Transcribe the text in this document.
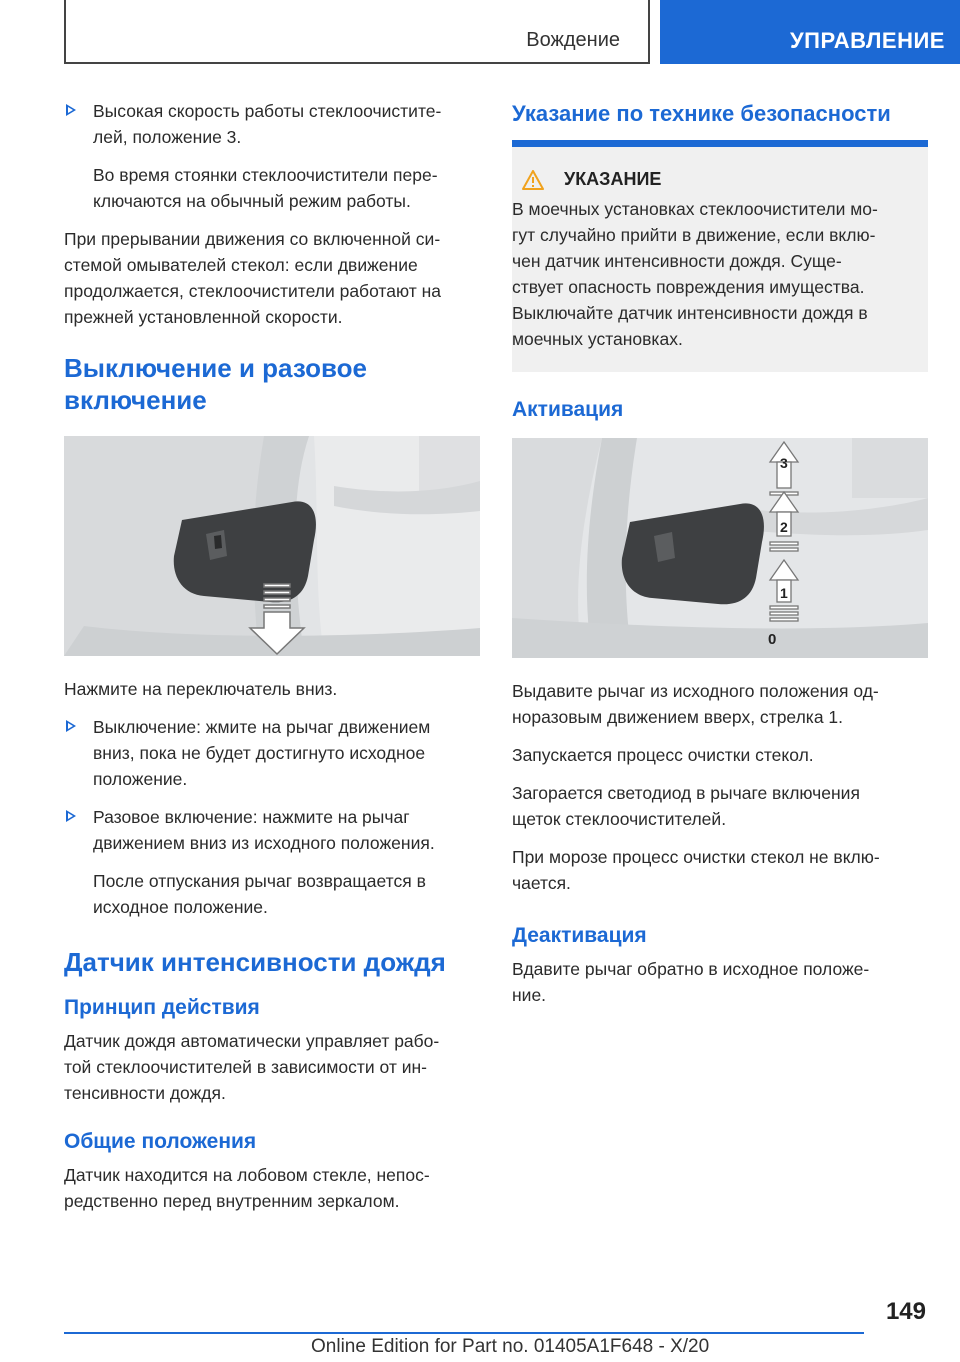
Вождение	УПРАВЛЕНИЕ

Высокая скорость работы стеклоочистите‐
лей, положение 3.

Во время стоянки стеклоочистители пере‐
ключаются на обычный режим работы.

При прерывании движения со включенной си‐
стемой омывателей стекол: если движение
продолжается, стеклоочистители работают на
прежней установленной скорости.

Выключение и разовое
включение

Нажмите на переключатель вниз.

Выключение: жмите на рычаг движением
вниз, пока не будет достигнуто исходное
положение.

Разовое включение: нажмите на рычаг
движением вниз из исходного положения.

После отпускания рычаг возвращается в
исходное положение.

Датчик интенсивности дождя
Принцип действия

Датчик дождя автоматически управляет рабо‐
той стеклоочистителей в зависимости от ин‐
тенсивности дождя.

Общие положения

Датчик находится на лобовом стекле, непос‐
редственно перед внутренним зеркалом.

Указание по технике безопасности
УКАЗАНИЕ

В моечных установках стеклоочистители мо‐
гут случайно прийти в движение, если вклю‐
чен датчик интенсивности дождя. Суще‐
ствует опасность повреждения имущества.
Выключайте датчик интенсивности дождя в
моечных установках.

Активация
3
2
1
0

Выдавите рычаг из исходного положения од‐
норазовым движением вверх, стрелка 1.

Запускается процесс очистки стекол.

Загорается светодиод в рычаге включения
щеток стеклоочистителей.

При морозе процесс очистки стекол не вклю‐
чается.

Деактивация

Вдавите рычаг обратно в исходное положе‐
ние.

149
Online Edition for Part no. 01405A1F648 - X/20
